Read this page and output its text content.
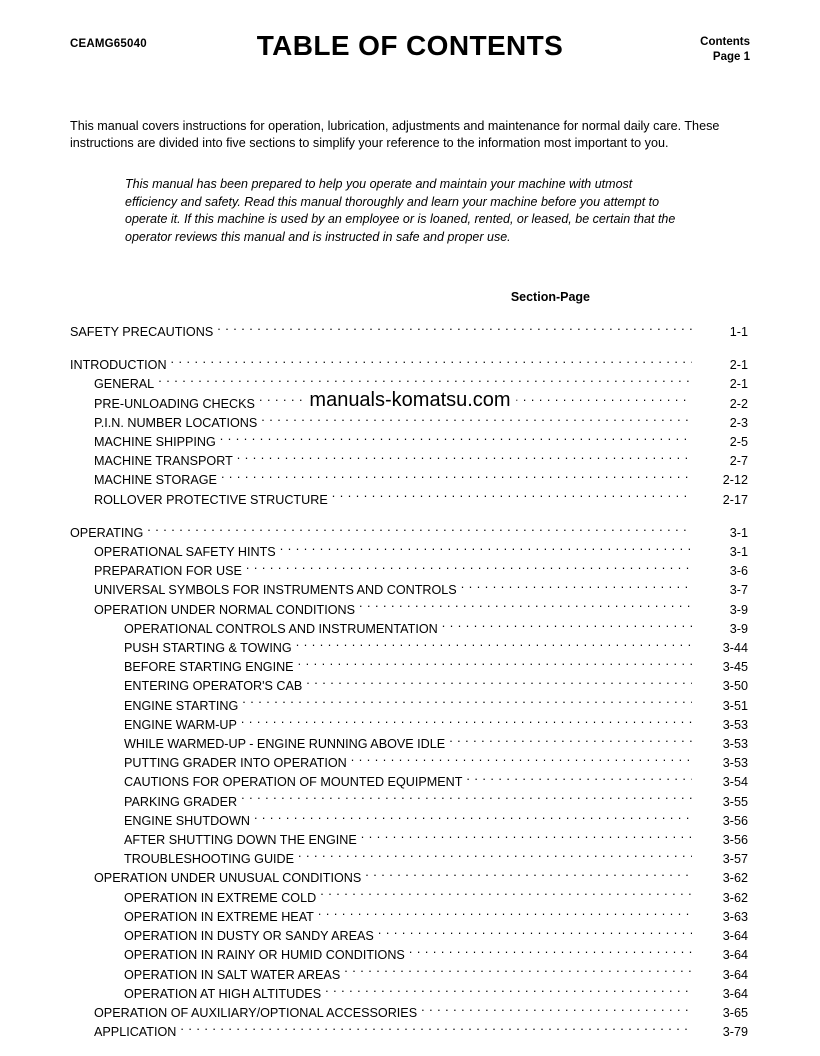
CEAMG65040	TABLE OF CONTENTS	Contents
Page 1

This manual covers instructions for operation, lubrication, adjustments and maintenance for normal daily care. These instructions are divided into five sections to simplify your reference to the information most important to you.

This manual has been prepared to help you operate and maintain your machine with utmost efficiency and safety. Read this manual thoroughly and learn your machine before you attempt to operate it. If this machine is used by an employee or is loaned, rented, or leased, be certain that the operator reviews this manual and is instructed in safe and proper use.

Section-Page
SAFETY PRECAUTIONS . . .	1-1
INTRODUCTION . . .	2-1
GENERAL . . .	2-1
PRE-UNLOADING CHECKS . . .	2-2
P.I.N. NUMBER LOCATIONS . . .	2-3
MACHINE SHIPPING . . .	2-5
MACHINE TRANSPORT . . .	2-7
MACHINE STORAGE . . .	2-12
ROLLOVER PROTECTIVE STRUCTURE . . .	2-17
OPERATING . . .	3-1
OPERATIONAL SAFETY HINTS . . .	3-1
PREPARATION FOR USE . . .	3-6
UNIVERSAL SYMBOLS FOR INSTRUMENTS AND CONTROLS . . .	3-7
OPERATION UNDER NORMAL CONDITIONS . . .	3-9
OPERATIONAL CONTROLS AND INSTRUMENTATION . . .	3-9
PUSH STARTING & TOWING . . .	3-44
BEFORE STARTING ENGINE . . .	3-45
ENTERING OPERATOR'S CAB . . .	3-50
ENGINE STARTING . . .	3-51
ENGINE WARM-UP . . .	3-53
WHILE WARMED-UP - ENGINE RUNNING ABOVE IDLE . . .	3-53
PUTTING GRADER INTO OPERATION . . .	3-53
CAUTIONS FOR OPERATION OF MOUNTED EQUIPMENT . . .	3-54
PARKING GRADER . . .	3-55
ENGINE SHUTDOWN . . .	3-56
AFTER SHUTTING DOWN THE ENGINE . . .	3-56
TROUBLESHOOTING GUIDE . . .	3-57
OPERATION UNDER UNUSUAL CONDITIONS . . .	3-62
OPERATION IN EXTREME COLD . . .	3-62
OPERATION IN EXTREME HEAT . . .	3-63
OPERATION IN DUSTY OR SANDY AREAS . . .	3-64
OPERATION IN RAINY OR HUMID CONDITIONS . . .	3-64
OPERATION IN SALT WATER AREAS . . .	3-64
OPERATION AT HIGH ALTITUDES . . .	3-64
OPERATION OF AUXILIARY/OPTIONAL ACCESSORIES . . .	3-65
APPLICATION . . .	3-79
manuals-komatsu.com
